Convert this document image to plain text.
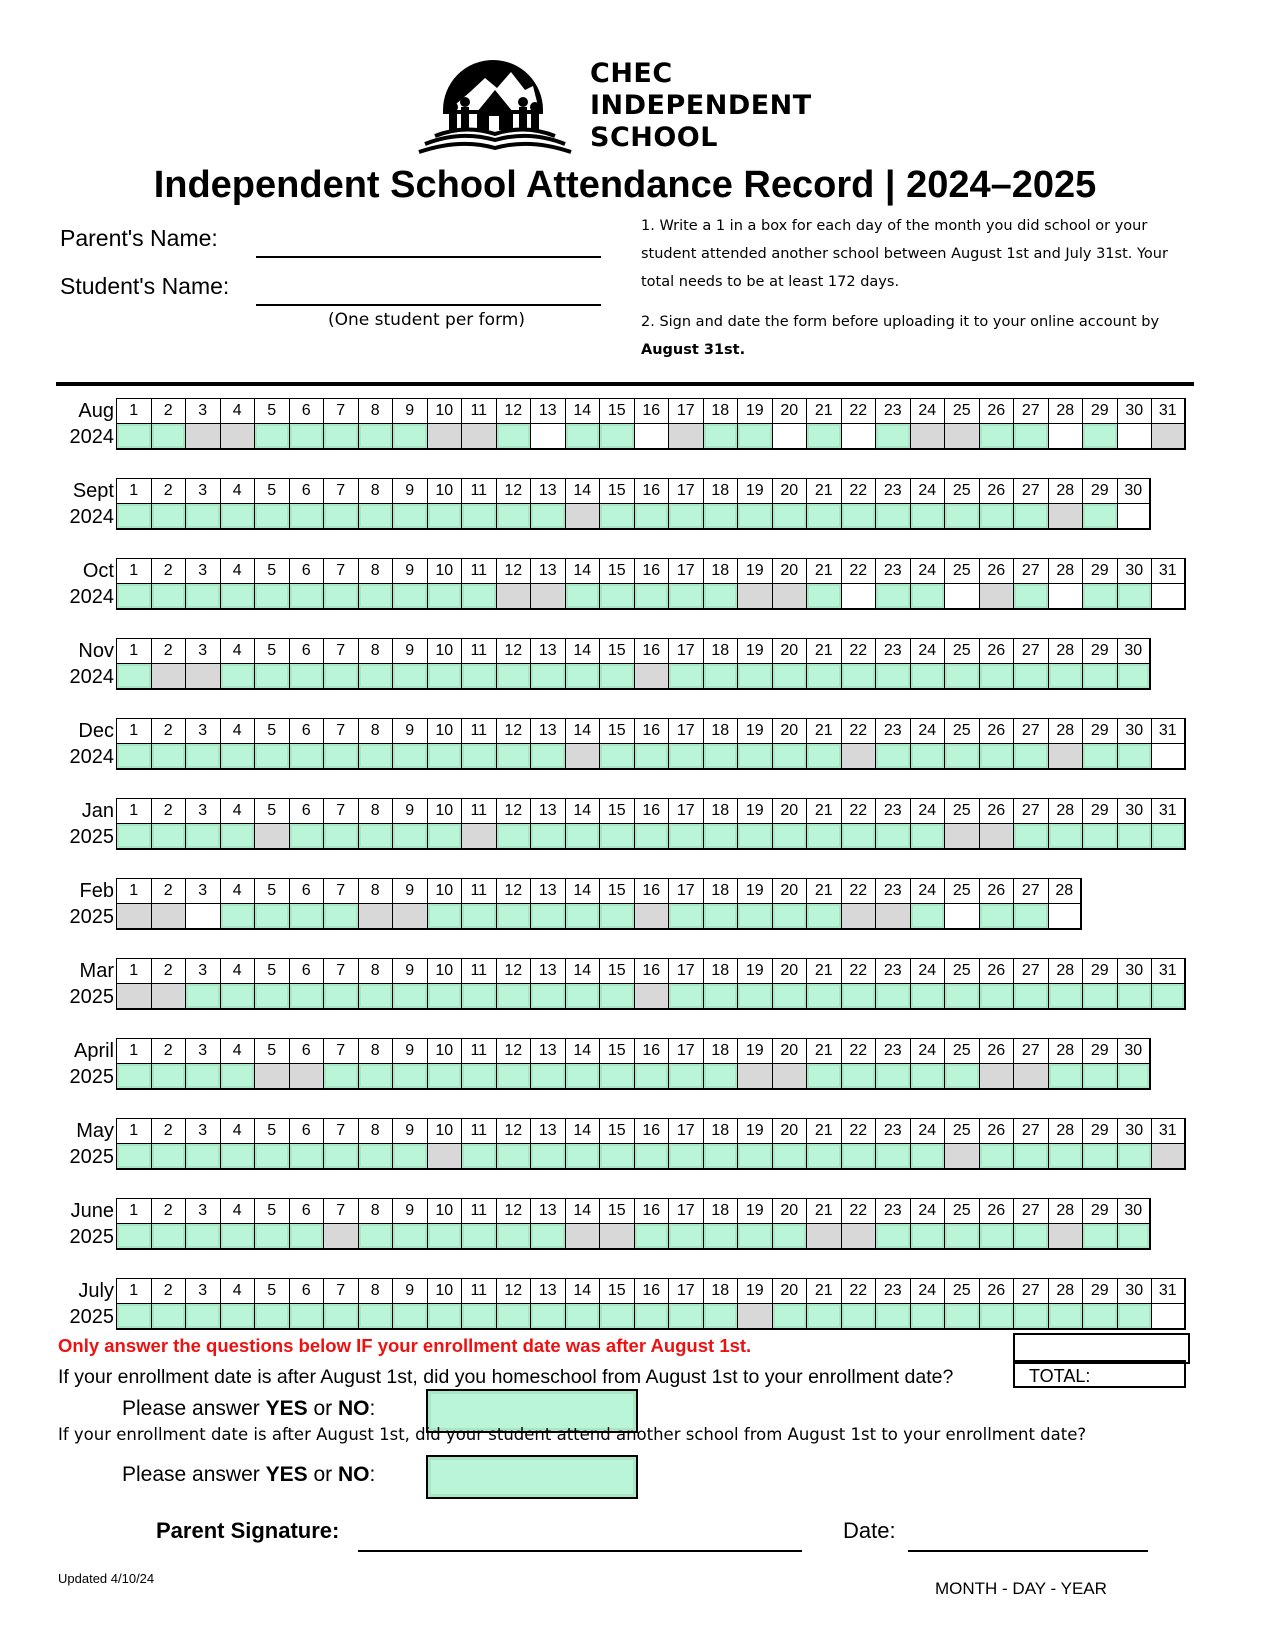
CHEC
INDEPENDENT
SCHOOL
Independent School Attendance Record | 2024–2025
Parent's Name:
Student's Name:
(One student per form)
1. Write a 1 in a box for each day of the month you did school or your student attended another school between August 1st and July 31st. Your total needs to be at least 172 days.
2. Sign and date the form before uploading it to your online account by August 31st.
Aug
2024
1	2	3	4	5	6	7	8	9	10	11	12	13	14	15	16	17	18	19	20	21	22	23	24	25	26	27	28	29	30 31
Sept
2024
1	2	3	4	5	6	7	8	9	10	11	12	13	14	15	16	17	18	19	20	21	22	23	24	25	26	27	28	29 30
Oct
2024
1	2	3	4	5	6	7	8	9	10	11	12	13	14	15	16	17	18	19	20	21	22	23	24	25	26	27	28	29	30 31
Nov
2024
1	2	3	4	5	6	7	8	9	10	11	12	13	14	15	16	17	18	19	20	21	22	23	24	25	26	27	28	29 30
Dec
2024
1	2	3	4	5	6	7	8	9	10	11	12	13	14	15	16	17	18	19	20	21	22	23	24	25	26	27	28	29	30 31
Jan
2025
1	2	3	4	5	6	7	8	9	10	11	12	13	14	15	16	17	18	19	20	21	22	23	24	25	26	27	28	29	30 31
Feb
2025
1	2	3	4	5	6	7	8	9	10	11	12	13	14	15	16	17	18	19	20	21	22	23	24	25	26	27 28
Mar
2025
1	2	3	4	5	6	7	8	9	10	11	12	13	14	15	16	17	18	19	20	21	22	23	24	25	26	27	28	29	30 31
April
2025
1	2	3	4	5	6	7	8	9	10	11	12	13	14	15	16	17	18	19	20	21	22	23	24	25	26	27	28	29 30
May
2025
1	2	3	4	5	6	7	8	9	10	11	12	13	14	15	16	17	18	19	20	21	22	23	24	25	26	27	28	29	30 31
June
2025
1	2	3	4	5	6	7	8	9	10	11	12	13	14	15	16	17	18	19	20	21	22	23	24	25	26	27	28	29 30
July
2025
1	2	3	4	5	6	7	8	9	10	11	12	13	14	15	16	17	18	19	20	21	22	23	24	25	26	27	28	29	30 31
TOTAL:
Only answer the questions below IF your enrollment date was after August 1st.
If your enrollment date is after August 1st, did you homeschool from August 1st to your enrollment date?
Please answer YES or NO:
If your enrollment date is after August 1st, did your student attend another school from August 1st to your enrollment date?
Please answer YES or NO:
Parent Signature:	Date:
MONTH - DAY - YEAR
Updated 4/10/24
